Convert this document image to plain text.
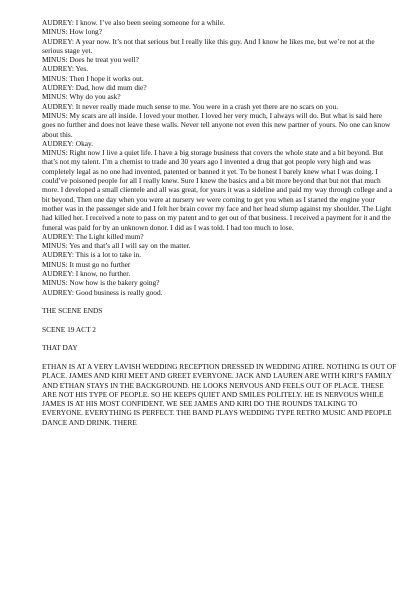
AUDREY: I know. I’ve also been seeing someone for a while.
MINUS: How long?
AUDREY: A year now. It’s not that serious but I really like this guy. And I know he likes me, but we’re not at the serious stage yet.
MINUS: Does he treat you well?
AUDREY: Yes.
MINUS: Then I hope it works out.
AUDREY: Dad, how did mum die?
MINUS: Why do you ask?
AUDREY: It never really made much sense to me. You were in a crash yet there are no scars on you.
MINUS: My scars are all inside. I loved your mother. I loved her very much, I always will do. But what is said here goes no further and does not leave these walls. Never tell anyone not even this new partner of yours. No one can know about this.
AUDREY: Okay.
MINUS: Right now I live a quiet life. I have a big storage business that covers the whole state and a bit beyond. But that’s not my talent. I’m a chemist to trade and 30 years ago I invented a drug that got people very high and was completely legal as no one had invented, patented or banned it yet. To be honest I barely knew what I was doing. I could’ve poisoned people for all I really knew. Sure I knew the basics and a bit more beyond that but not that much more. I developed a small clientele and all was great, for years it was a sideline and paid my way through college and a bit beyond. Then one day when you were at nursery we were coming to get you when as I started the engine your mother was in the passenger side and I felt her brain cover my face and her head slump against my shoulder. The Light had killed her. I received a note to pass on my patent and to get out of that business. I received a payment for it and the funeral was paid for by an unknown donor. I did as I was told. I had too much to lose.
AUDREY: The Light killed mum?
MINUS: Yes and that’s all I will say on the matter.
AUDREY: This is a lot to take in.
MINUS: It must go no further
AUDREY: I know, no further.
MINUS: Now how is the bakery going?
AUDREY: Good business is really good.
THE SCENE ENDS
SCENE 19 ACT 2
THAT DAY
ETHAN IS AT A VERY LAVISH WEDDING RECEPTION DRESSED IN WEDDING ATIRE. NOTHING IS OUT OF PLACE. JAMES AND KIRI MEET AND GREET EVERYONE. JACK AND LAUREN ARE WITH KIRI’S FAMILY AND ETHAN STAYS IN THE BACKGROUND. HE LOOKS NERVOUS AND FEELS OUT OF PLACE. THESE ARE NOT HIS TYPE OF PEOPLE. SO HE KEEPS QUIET AND SMILES POLITELY. HE IS NERVOUS WHILE JAMES IS AT HIS MOST CONFIDENT. WE SEE JAMES AND KIRI DO THE ROUNDS TALKING TO EVERYONE. EVERYTHING IS PERFECT. THE BAND PLAYS WEDDING TYPE RETRO MUSIC AND PEOPLE DANCE AND DRINK. THERE
